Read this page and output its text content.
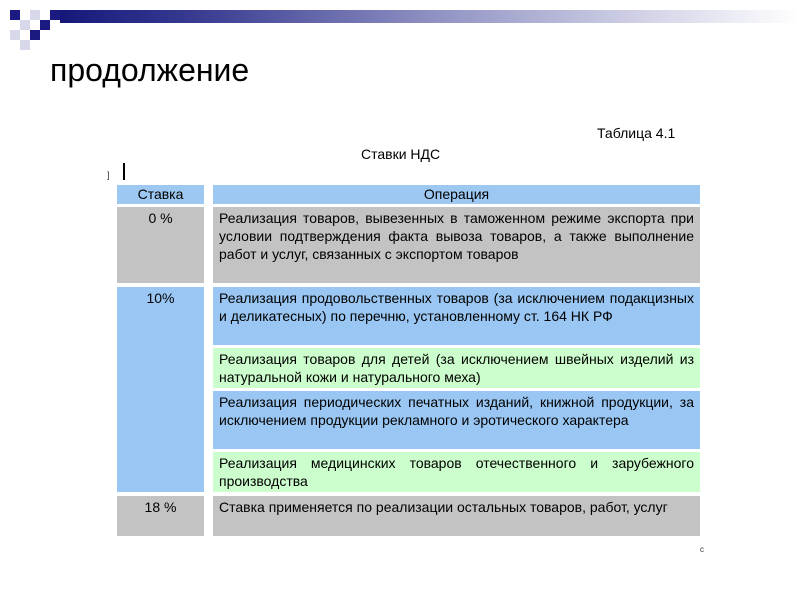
продолжение
Таблица 4.1
Ставки НДС
]
c
Ставка		Операция

0 %		Реализация товаров, вывезенных в таможенном режиме экспорта при условии подтверждения факта вывоза товаров, а также выполнение работ и услуг, связанных с экспортом товаров

10%		Реализация продовольственных товаров (за исключением подакцизных и деликатесных) по перечню, установленному ст. 164 НК РФ

		Реализация товаров для детей (за исключением швейных изделий из натуральной кожи и натурального меха)

		Реализация периодических печатных изданий, книжной продукции, за исключением продукции рекламного и эротического характера

		Реализация медицинских товаров отечественного и зарубежного производства

18 %		Ставка применяется по реализации остальных товаров, работ, услуг
